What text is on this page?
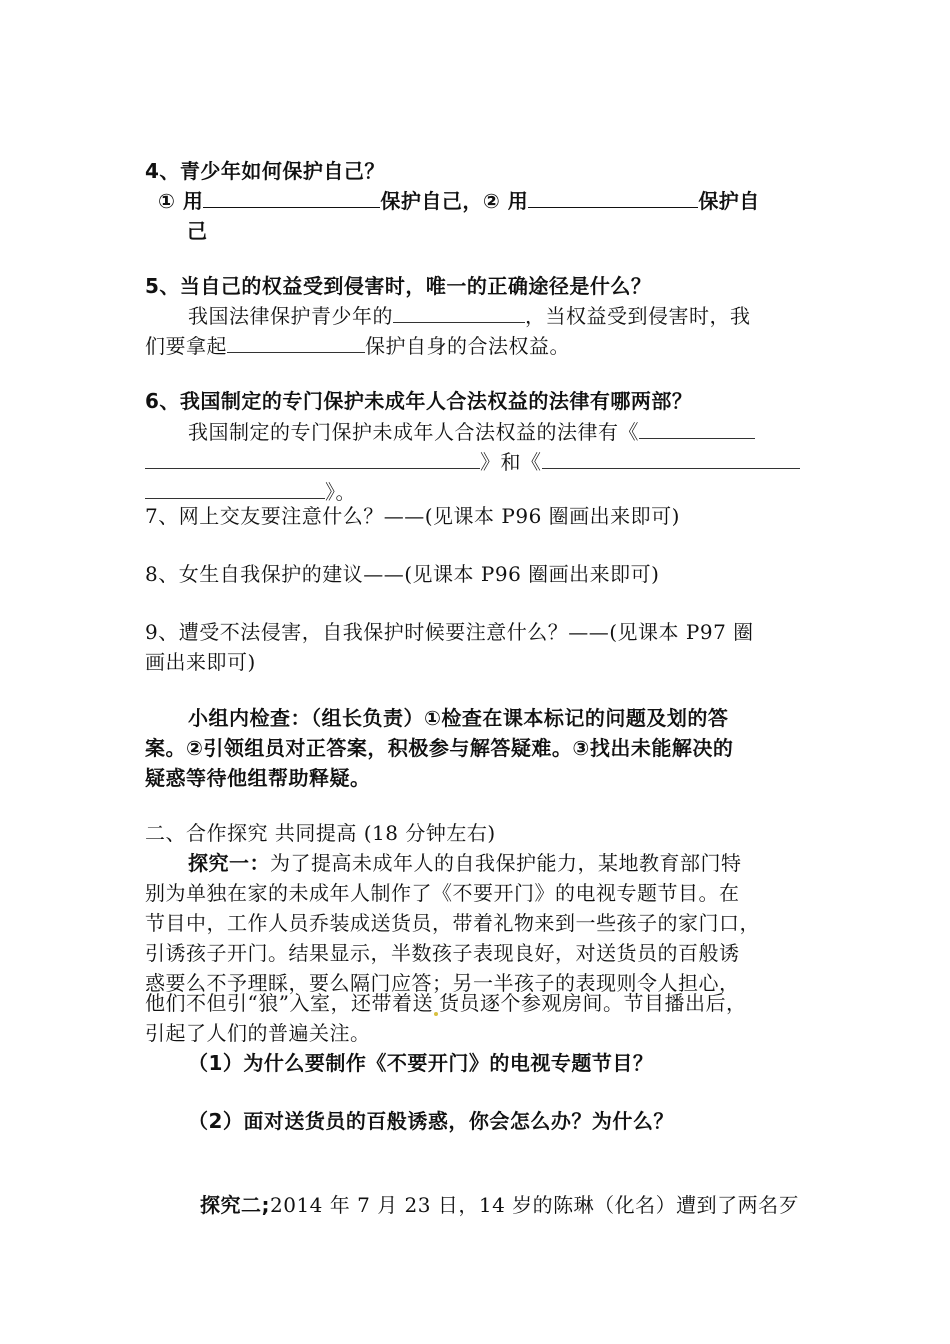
4、青少年如何保护自己？
① 用	保护自己，② 用	保护自
己
5、当自己的权益受到侵害时，唯一的正确途径是什么？
我国法律保护青少年的	，当权益受到侵害时，我
们要拿起	保护自身的合法权益。
6、我国制定的专门保护未成年人合法权益的法律有哪两部？
我国制定的专门保护未成年人合法权益的法律有《
》和《
》。
7、网上交友要注意什么？——(见课本 P96 圈画出来即可)
8、女生自我保护的建议——(见课本 P96 圈画出来即可)
9、遭受不法侵害，自我保护时候要注意什么？——(见课本 P97 圈
画出来即可)
小组内检查：（组长负责）①检查在课本标记的问题及划的答
案。②引领组员对正答案，积极参与解答疑难。③找出未能解决的
疑惑等待他组帮助释疑。
二、合作探究 共同提高 (18 分钟左右)
探究一：为了提高未成年人的自我保护能力，某地教育部门特
别为单独在家的未成年人制作了《不要开门》的电视专题节目。在
节目中，工作人员乔装成送货员，带着礼物来到一些孩子的家门口，
引诱孩子开门。结果显示，半数孩子表现良好，对送货员的百般诱
惑要么不予理睬，要么隔门应答；另一半孩子的表现则令人担心，
他们不但引“狼”入室，还带着送 货员逐个参观房间。节目播出后，
引起了人们的普遍关注。
（1）为什么要制作《不要开门》的电视专题节目？
（2）面对送货员的百般诱惑，你会怎么办？为什么？
探究二;2014 年 7 月 23 日，14 岁的陈琳（化名）遭到了两名歹
